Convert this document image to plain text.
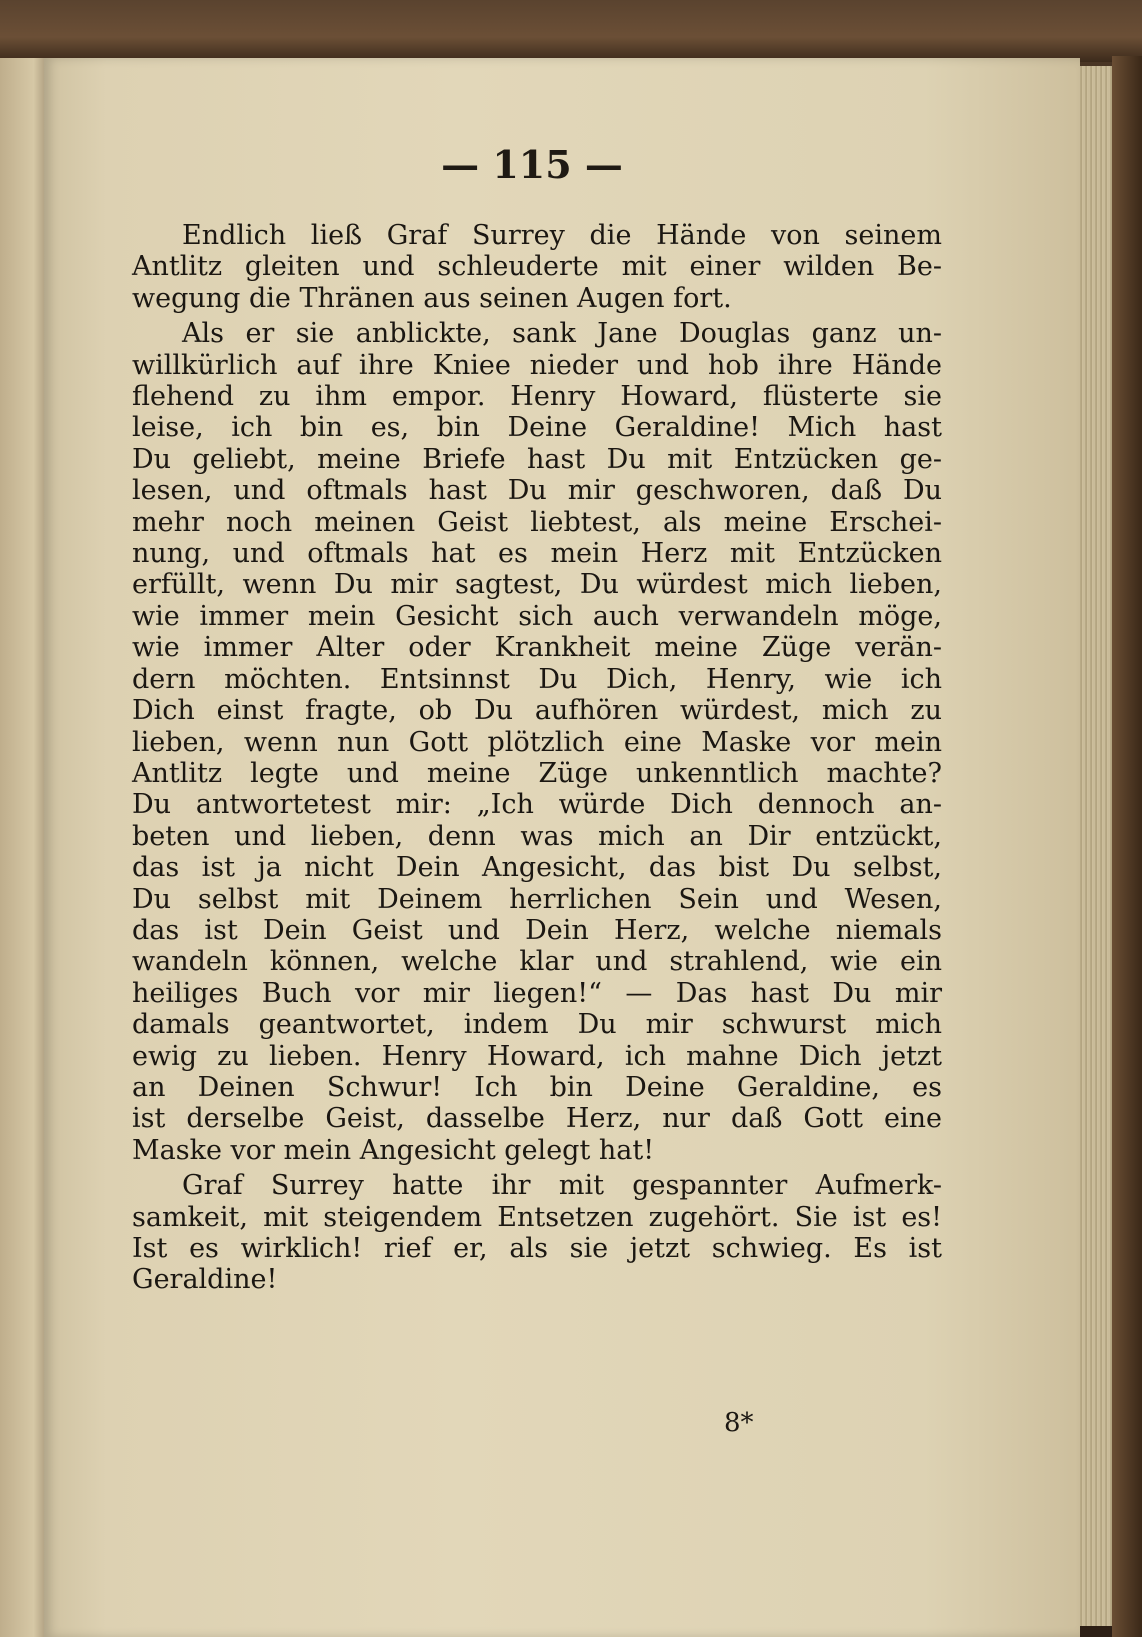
— 115 —

Endlich ließ Graf Surrey die Hände von seinem
Antlitz gleiten und schleuderte mit einer wilden Be-
wegung die Thränen aus seinen Augen fort.

Als er sie anblickte, sank Jane Douglas ganz un-
willkürlich auf ihre Kniee nieder und hob ihre Hände
flehend zu ihm empor. Henry Howard, flüsterte sie
leise, ich bin es, bin Deine Geraldine! Mich hast
Du geliebt, meine Briefe hast Du mit Entzücken ge-
lesen, und oftmals hast Du mir geschworen, daß Du
mehr noch meinen Geist liebtest, als meine Erschei-
nung, und oftmals hat es mein Herz mit Entzücken
erfüllt, wenn Du mir sagtest, Du würdest mich lieben,
wie immer mein Gesicht sich auch verwandeln möge,
wie immer Alter oder Krankheit meine Züge verän-
dern möchten. Entsinnst Du Dich, Henry, wie ich
Dich einst fragte, ob Du aufhören würdest, mich zu
lieben, wenn nun Gott plötzlich eine Maske vor mein
Antlitz legte und meine Züge unkenntlich machte?
Du antwortetest mir: „Ich würde Dich dennoch an-
beten und lieben, denn was mich an Dir entzückt,
das ist ja nicht Dein Angesicht, das bist Du selbst,
Du selbst mit Deinem herrlichen Sein und Wesen,
das ist Dein Geist und Dein Herz, welche niemals
wandeln können, welche klar und strahlend, wie ein
heiliges Buch vor mir liegen!“ — Das hast Du mir
damals geantwortet, indem Du mir schwurst mich
ewig zu lieben. Henry Howard, ich mahne Dich jetzt
an Deinen Schwur! Ich bin Deine Geraldine, es
ist derselbe Geist, dasselbe Herz, nur daß Gott eine
Maske vor mein Angesicht gelegt hat!

Graf Surrey hatte ihr mit gespannter Aufmerk-
samkeit, mit steigendem Entsetzen zugehört. Sie ist es!
Ist es wirklich! rief er, als sie jetzt schwieg. Es ist
Geraldine!

8*
